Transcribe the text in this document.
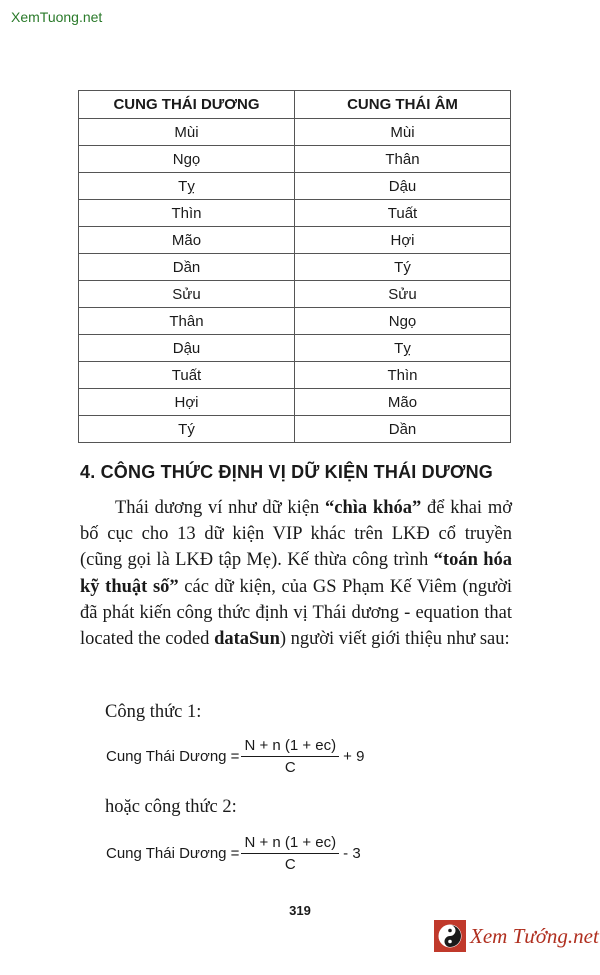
XemTuong.net
CUNG THÁI DƯƠNG	CUNG THÁI ÂM
Mùi	Mùi
Ngọ	Thân
Tỵ	Dậu
Thìn	Tuất
Mão	Hợi
Dần	Tý
Sửu	Sửu
Thân	Ngọ
Dậu	Tỵ
Tuất	Thìn
Hợi	Mão
Tý	Dần
4. CÔNG THỨC ĐỊNH VỊ DỮ KIỆN THÁI DƯƠNG

Thái dương ví như dữ kiện “chìa khóa” để khai mở bố cục cho 13 dữ kiện VIP khác trên LKĐ cổ truyền (cũng gọi là LKĐ tập Mẹ). Kế thừa công trình “toán hóa kỹ thuật số” các dữ kiện, của GS Phạm Kế Viêm (người đã phát kiến công thức định vị Thái dương - equation that located the coded dataSun) người viết giới thiệu như sau:

Công thức 1:
Cung Thái Dương = $\frac{N + n (1 + ec)}{C} + 9$
hoặc công thức 2:
Cung Thái Dương = $\frac{N + n (1 + ec)}{C} - 3$
319
Xem Tướng.net
